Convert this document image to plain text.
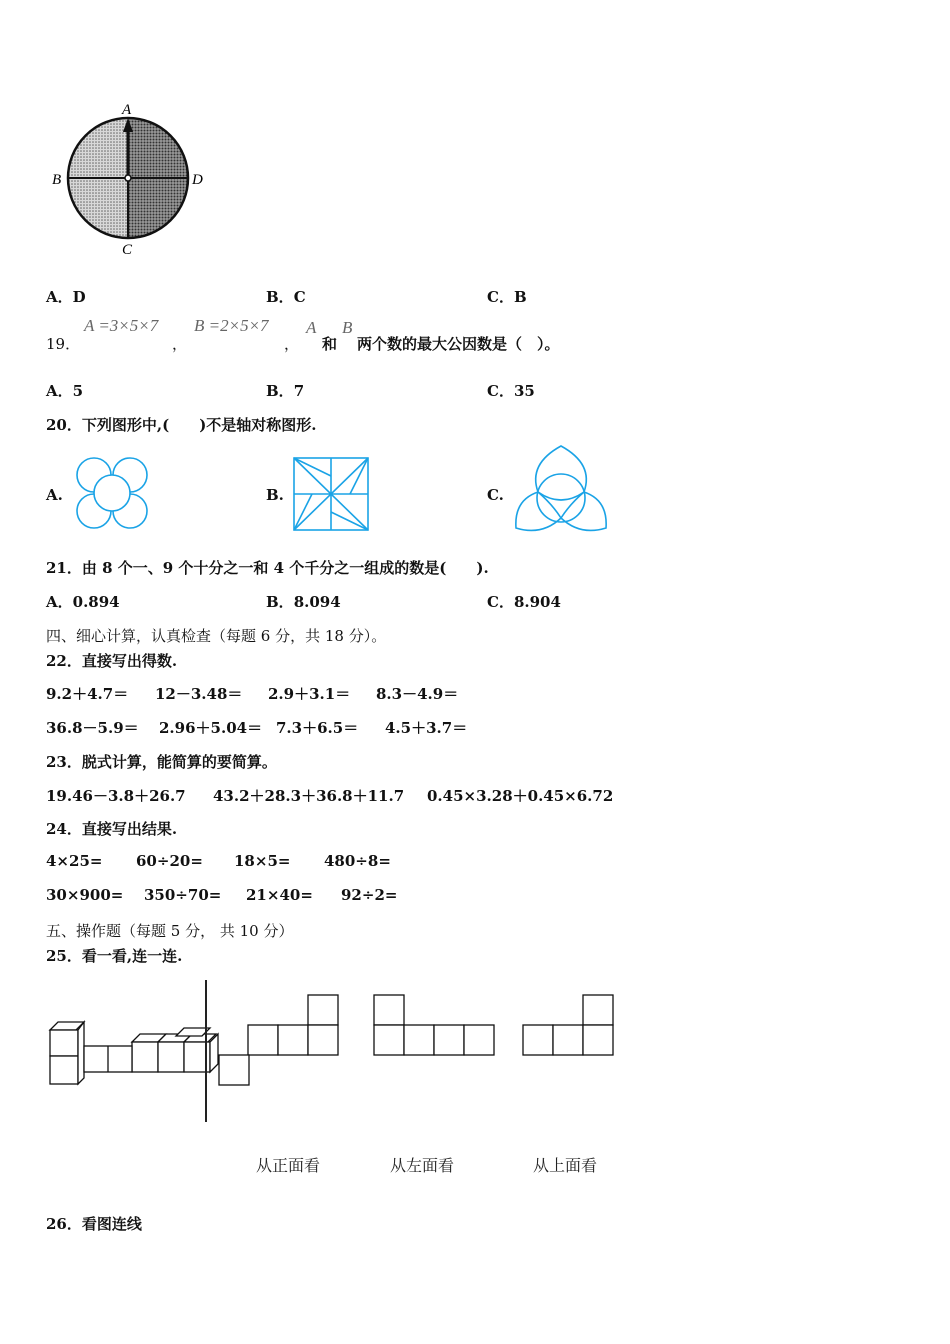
A
B	D
C
A．D	B．C	C．B
19．
A =3×5×7
，
B =2×5×7
，
A
和
B
两个数的最大公因数是（　）。
A．5	B．7	C．35
20．下列图形中,(　　)不是轴对称图形.
A.	B.	C.
21．由 8 个一、9 个十分之一和 4 个千分之一组成的数是(　　).
A．0.894	B．8.094	C．8.904
四、细心计算，认真检查（每题 6 分，共 18 分）。
22．直接写出得数.
9.2＋4.7＝ 12－3.48＝ 2.9＋3.1＝ 8.3－4.9＝
36.8－5.9＝ 2.96＋5.04＝ 7.3＋6.5＝ 4.5＋3.7＝
23．脱式计算，能简算的要简算。
19.46－3.8＋26.7 43.2＋28.3＋36.8＋11.7 0.45×3.28＋0.45×6.72
24．直接写出结果.
4×25= 60÷20= 18×5= 480÷8=
30×900= 350÷70= 21×40= 92÷2=
五、操作题（每题 5 分， 共 10 分）
25．看一看,连一连.
从正面看	从左面看	从上面看
26．看图连线
